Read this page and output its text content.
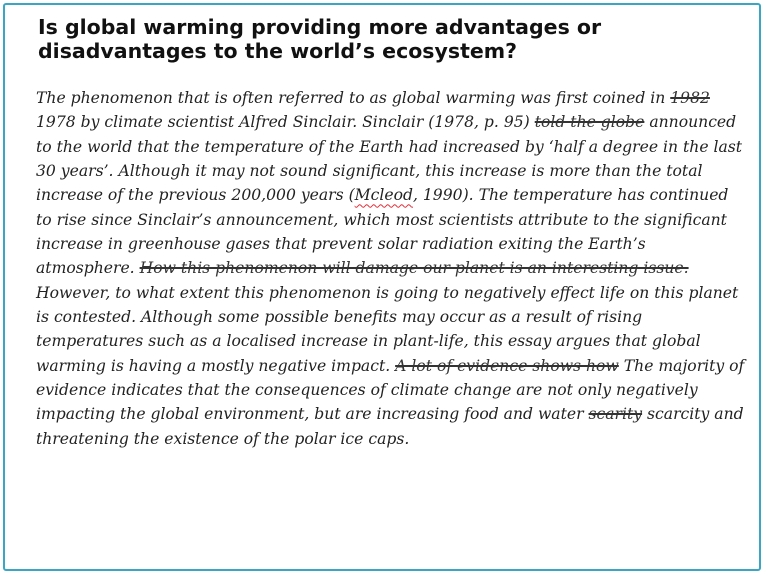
Is global warming providing more advantages or
disadvantages to the world’s ecosystem?

The phenomenon that is often referred to as global warming was first coined in 1982 1978 by climate scientist Alfred Sinclair. Sinclair (1978, p. 95) told the globe announced to the world that the temperature of the Earth had increased by ‘half a degree in the last 30 years’. Although it may not sound significant, this increase is more than the total increase of the previous 200,000 years (Mcleod, 1990). The temperature has continued to rise since Sinclair’s announcement, which most scientists attribute to the significant increase in greenhouse gases that prevent solar radiation exiting the Earth’s atmosphere. How this phenomenon will damage our planet is an interesting issue. However, to what extent this phenomenon is going to negatively effect life on this planet is contested. Although some possible benefits may occur as a result of rising temperatures such as a localised increase in plant-life, this essay argues that global warming is having a mostly negative impact. A lot of evidence shows how The majority of evidence indicates that the consequences of climate change are not only negatively impacting the global environment, but are increasing food and water scarity scarcity and threatening the existence of the polar ice caps.
